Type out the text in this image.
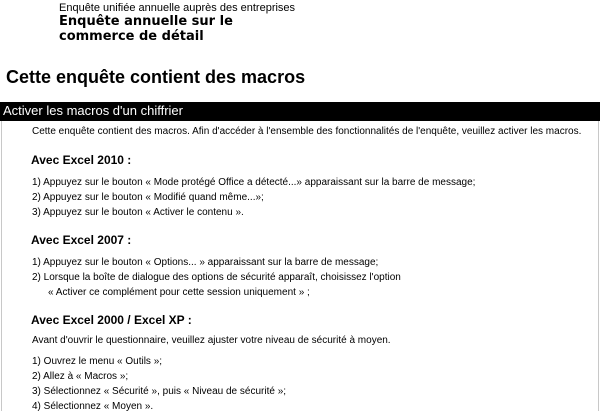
Enquête unifiée annuelle auprès des entreprises
Enquête annuelle sur le
commerce de détail
Cette enquête contient des macros
Activer les macros d'un chiffrier
Cette enquête contient des macros. Afin d'accéder à l'ensemble des fonctionnalités de l'enquête, veuillez activer les macros.
Avec Excel 2010 :
1) Appuyez sur le bouton « Mode protégé Office a détecté...» apparaissant sur la barre de message;
2) Appuyez sur le bouton « Modifié quand même...»;
3) Appuyez sur le bouton « Activer le contenu ».
Avec Excel 2007 :
1) Appuyez sur le bouton « Options... » apparaissant sur la barre de message;
2) Lorsque la boîte de dialogue des options de sécurité apparaît, choisissez l'option
« Activer ce complément pour cette session uniquement » ;
Avec Excel 2000 / Excel XP :
Avant d'ouvrir le questionnaire, veuillez ajuster votre niveau de sécurité à moyen.
1) Ouvrez le menu « Outils »;
2) Allez à « Macros »;
3) Sélectionnez « Sécurité », puis « Niveau de sécurité »;
4) Sélectionnez « Moyen ».
